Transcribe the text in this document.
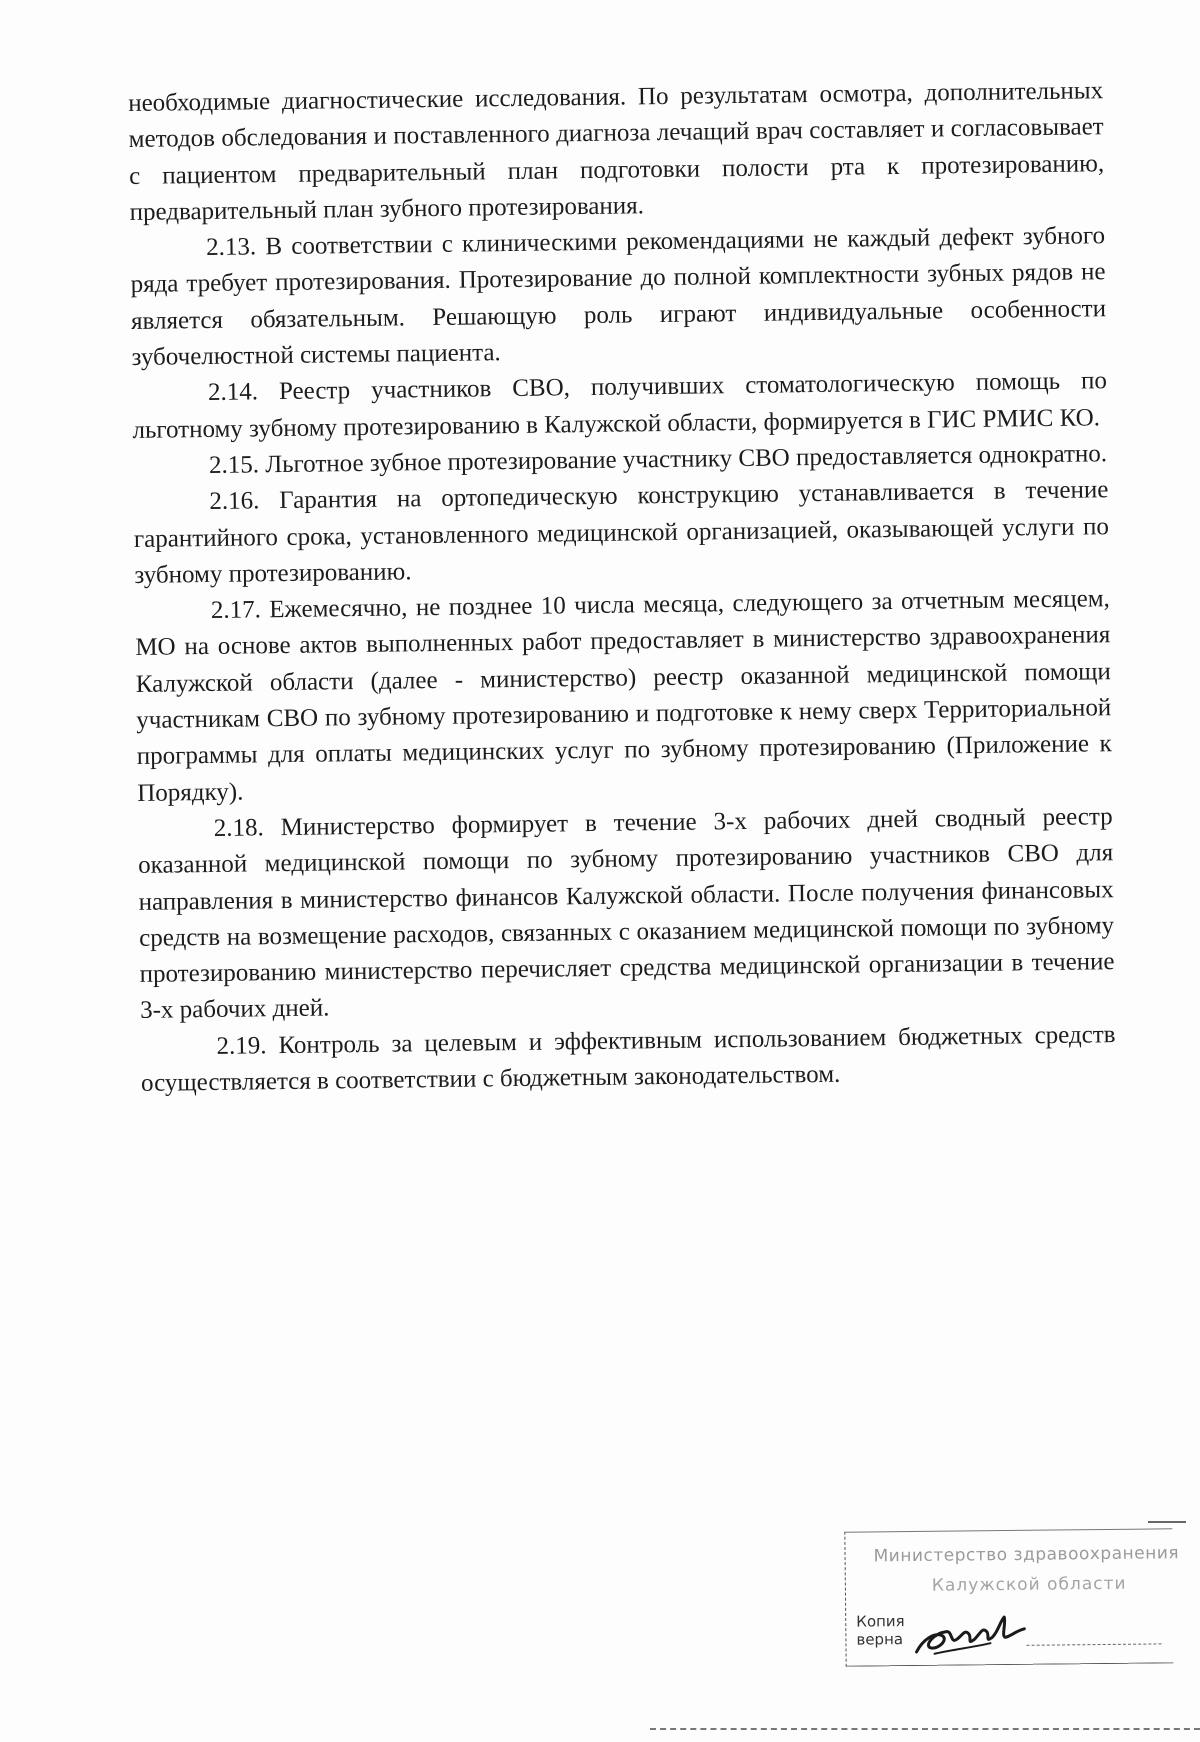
необходимые диагностические исследования. По результатам осмотра, дополнительных методов обследования и поставленного диагноза лечащий врач составляет и согласовывает с пациентом предварительный план подготовки полости рта к протезированию, предварительный план зубного протезирования.

2.13. В соответствии с клиническими рекомендациями не каждый дефект зубного ряда требует протезирования. Протезирование до полной комплектности зубных рядов не является обязательным. Решающую роль играют индивидуальные особенности зубочелюстной системы пациента.

2.14. Реестр участников СВО, получивших стоматологическую помощь по льготному зубному протезированию в Калужской области, формируется в ГИС РМИС КО.

2.15. Льготное зубное протезирование участнику СВО предоставляется однократно.

2.16. Гарантия на ортопедическую конструкцию устанавливается в течение гарантийного срока, установленного медицинской организацией, оказывающей услуги по зубному протезированию.

2.17. Ежемесячно, не позднее 10 числа месяца, следующего за отчетным месяцем, МО на основе актов выполненных работ предоставляет в министерство здравоохранения Калужской области (далее - министерство) реестр оказанной медицинской помощи участникам СВО по зубному протезированию и подготовке к нему сверх Территориальной программы для оплаты медицинских услуг по зубному протезированию (Приложение к Порядку).

2.18. Министерство формирует в течение 3-х рабочих дней сводный реестр оказанной медицинской помощи по зубному протезированию участников СВО для направления в министерство финансов Калужской области. После получения финансовых средств на возмещение расходов, связанных с оказанием медицинской помощи по зубному протезированию министерство перечисляет средства медицинской организации в течение 3-х рабочих дней.

2.19. Контроль за целевым и эффективным использованием бюджетных средств осуществляется в соответствии с бюджетным законодательством.

Министерство здравоохранения
Калужской области
Копия
верна
